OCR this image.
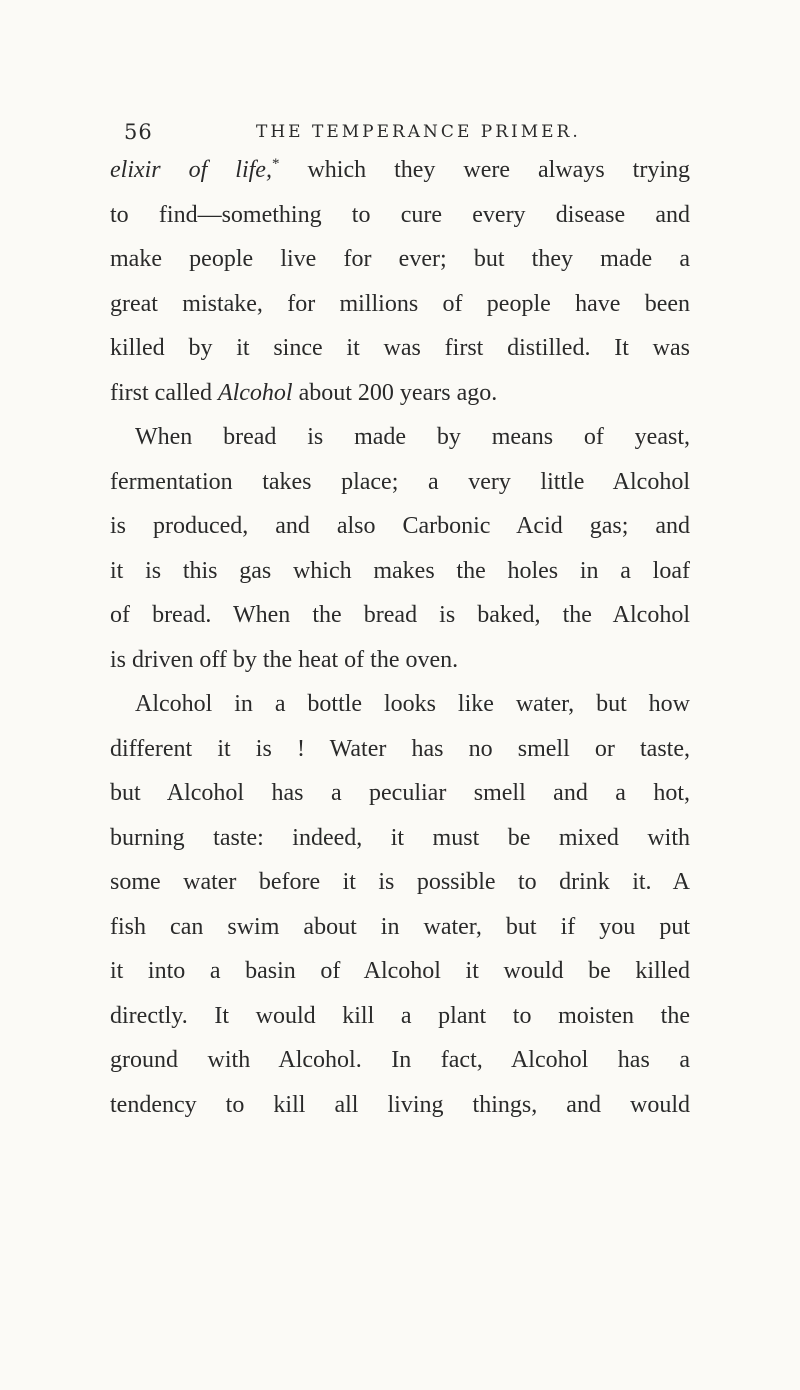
56	THE TEMPERANCE PRIMER.
elixir of life,* which they were always trying
to find—something to cure every disease and
make people live for ever; but they made a
great mistake, for millions of people have been
killed by it since it was first distilled. It was
first called Alcohol about 200 years ago.
When bread is made by means of yeast,
fermentation takes place; a very little Alcohol
is produced, and also Carbonic Acid gas; and
it is this gas which makes the holes in a loaf
of bread. When the bread is baked, the Alcohol
is driven off by the heat of the oven.
Alcohol in a bottle looks like water, but how
different it is ! Water has no smell or taste,
but Alcohol has a peculiar smell and a hot,
burning taste: indeed, it must be mixed with
some water before it is possible to drink it. A
fish can swim about in water, but if you put
it into a basin of Alcohol it would be killed
directly. It would kill a plant to moisten the
ground with Alcohol. In fact, Alcohol has a
tendency to kill all living things, and would
